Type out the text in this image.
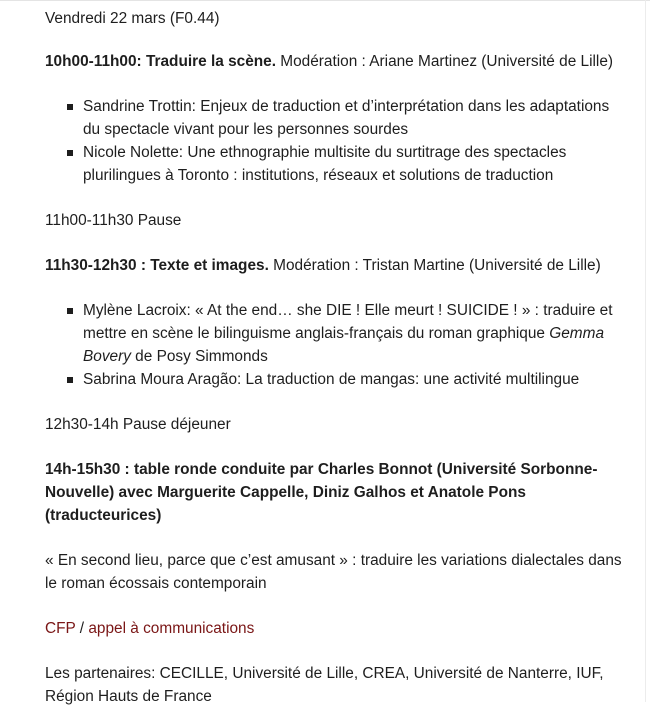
Vendredi 22 mars (F0.44)

10h00-11h00: Traduire la scène. Modération : Ariane Martinez (Université de Lille)

Sandrine Trottin: Enjeux de traduction et d’interprétation dans les adaptations du spectacle vivant pour les personnes sourdes
Nicole Nolette: Une ethnographie multisite du surtitrage des spectacles plurilingues à Toronto : institutions, réseaux et solutions de traduction

11h00-11h30 Pause

11h30-12h30 : Texte et images. Modération : Tristan Martine (Université de Lille)

Mylène Lacroix: « At the end… she DIE ! Elle meurt ! SUICIDE ! » : traduire et mettre en scène le bilinguisme anglais-français du roman graphique Gemma Bovery de Posy Simmonds
Sabrina Moura Aragão: La traduction de mangas: une activité multilingue

12h30-14h Pause déjeuner

14h-15h30 : table ronde conduite par Charles Bonnot (Université Sorbonne-Nouvelle) avec Marguerite Cappelle, Diniz Galhos et Anatole Pons (traducteurices)

« En second lieu, parce que c’est amusant » : traduire les variations dialectales dans le roman écossais contemporain

CFP / appel à communications

Les partenaires: CECILLE, Université de Lille, CREA, Université de Nanterre, IUF, Région Hauts de France
